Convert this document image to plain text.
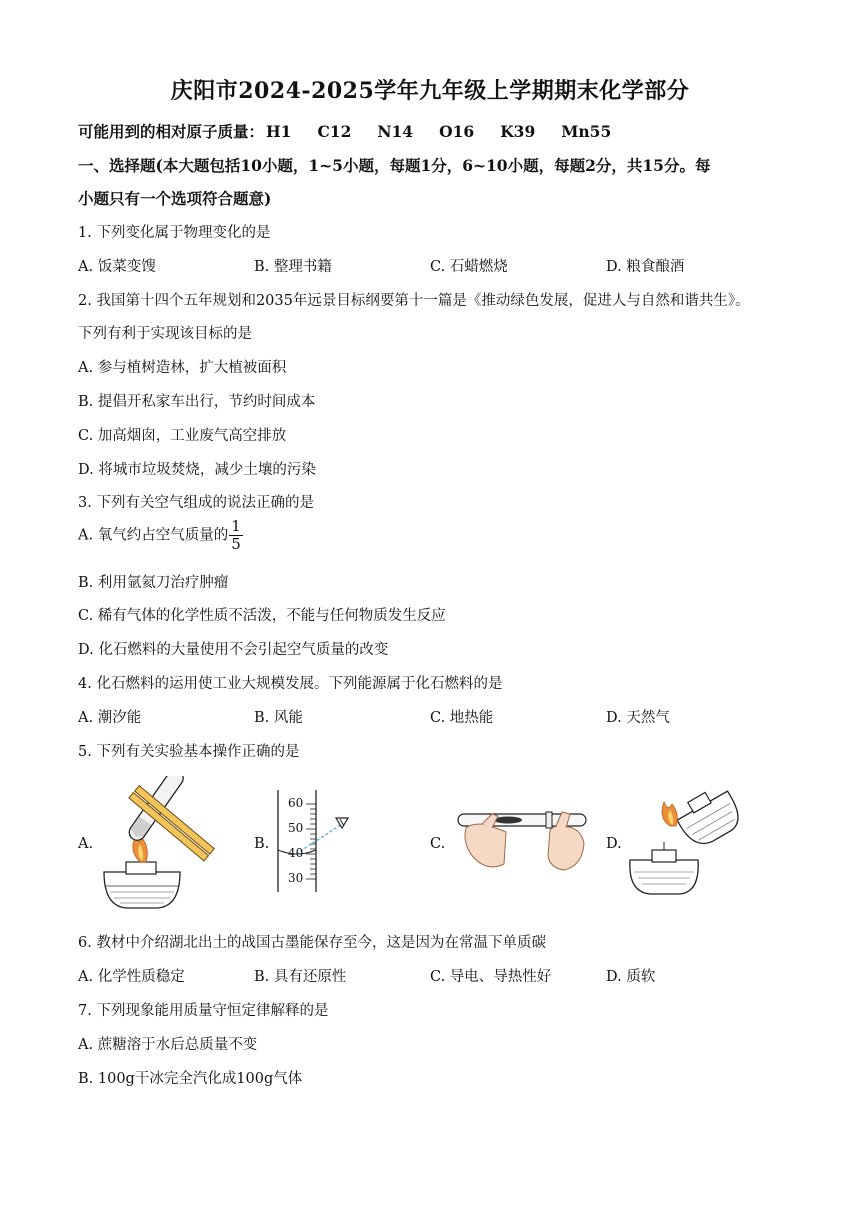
庆阳市2024-2025学年九年级上学期期末化学部分
可能用到的相对原子质量： H1 C12 N14 O16 K39 Mn55
一、选择题(本大题包括10小题，1~5小题，每题1分，6~10小题，每题2分，共15分。每
小题只有一个选项符合题意)
1. 下列变化属于物理变化的是
A. 饭菜变馊	B. 整理书籍	C. 石蜡燃烧	D. 粮食酿酒
2. 我国第十四个五年规划和2035年远景目标纲要第十一篇是《推动绿色发展，促进人与自然和谐共生》。
下列有利于实现该目标的是
A. 参与植树造林，扩大植被面积
B. 提倡开私家车出行，节约时间成本
C. 加高烟囱，工业废气高空排放
D. 将城市垃圾焚烧，减少土壤的污染
3. 下列有关空气组成的说法正确的是
A. 氧气约占空气质量的 $\frac{1}{5}$
B. 利用氩氦刀治疗肿瘤
C. 稀有气体的化学性质不活泼，不能与任何物质发生反应
D. 化石燃料的大量使用不会引起空气质量的改变
4. 化石燃料的运用使工业大规模发展。下列能源属于化石燃料的是
A. 潮汐能	B. 风能	C. 地热能	D. 天然气
5. 下列有关实验基本操作正确的是
A.	B.	C.	D.
60
50
40
30
6. 教材中介绍湖北出土的战国古墨能保存至今，这是因为在常温下单质碳
A. 化学性质稳定	B. 具有还原性	C. 导电、导热性好	D. 质软
7. 下列现象能用质量守恒定律解释的是
A. 蔗糖溶于水后总质量不变
B. 100g干冰完全汽化成100g气体
